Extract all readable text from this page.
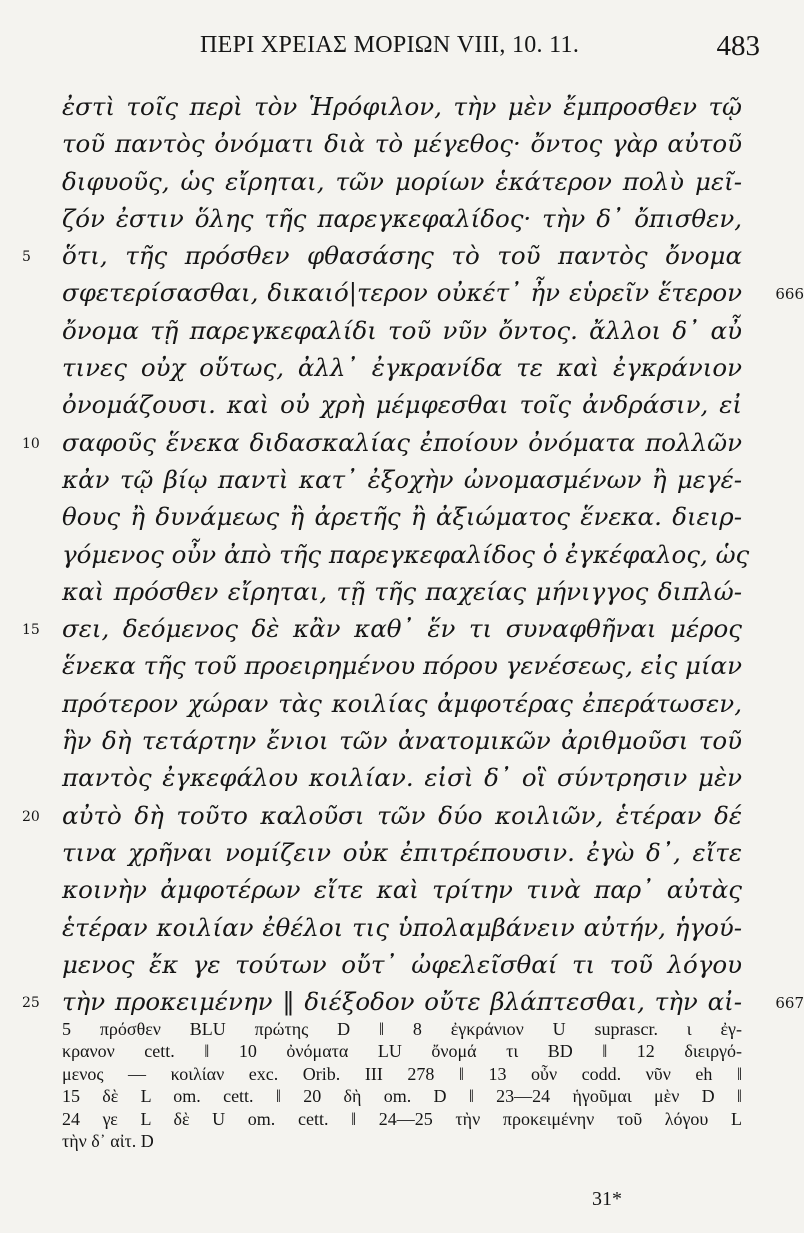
ΠΕΡΙ ΧΡΕΙΑΣ ΜΟΡΙΩΝ VIII, 10. 11.	483
ἐστὶ τοῖς περὶ τὸν Ἡρόφιλον, τὴν μὲν ἔμπροσθεν τῷ
τοῦ παντὸς ὀνόματι διὰ τὸ μέγεθος· ὄντος γὰρ αὐτοῦ
διφυοῦς, ὡς εἴρηται, τῶν μορίων ἑκάτερον πολὺ μεῖ-
ζόν ἐστιν ὅλης τῆς παρεγκεφαλίδος· τὴν δ᾽ ὄπισθεν,
ὅτι, τῆς πρόσθεν φθασάσης τὸ τοῦ παντὸς ὄνομα
5
σφετερίσασθαι, δικαιό|τερον οὐκέτ᾽ ἦν εὑρεῖν ἕτερον 666
ὄνομα τῇ παρεγκεφαλίδι τοῦ νῦν ὄντος. ἄλλοι δ᾽ αὖ
τινες οὐχ οὕτως, ἀλλ᾽ ἐγκρανίδα τε καὶ ἐγκράνιον
ὀνομάζουσι. καὶ οὐ χρὴ μέμφεσθαι τοῖς ἀνδράσιν, εἰ
σαφοῦς ἕνεκα διδασκαλίας ἐποίουν ὀνόματα πολλῶν
10
κἀν τῷ βίῳ παντὶ κατ᾽ ἐξοχὴν ὠνομασμένων ἢ μεγέ-
θους ἢ δυνάμεως ἢ ἀρετῆς ἢ ἀξιώματος ἕνεκα. διειρ-
γόμενος οὖν ἀπὸ τῆς παρεγκεφαλίδος ὁ ἐγκέφαλος, ὡς
καὶ πρόσθεν εἴρηται, τῇ τῆς παχείας μήνιγγος διπλώ-
σει, δεόμενος δὲ κἂν καθ᾽ ἕν τι συναφθῆναι μέρος
15
ἕνεκα τῆς τοῦ προειρημένου πόρου γενέσεως, εἰς μίαν
πρότερον χώραν τὰς κοιλίας ἀμφοτέρας ἐπεράτωσεν,
ἣν δὴ τετάρτην ἔνιοι τῶν ἀνατομικῶν ἀριθμοῦσι τοῦ
παντὸς ἐγκεφάλου κοιλίαν. εἰσὶ δ᾽ οἳ σύντρησιν μὲν
αὐτὸ δὴ τοῦτο καλοῦσι τῶν δύο κοιλιῶν, ἑτέραν δέ
20
τινα χρῆναι νομίζειν οὐκ ἐπιτρέπουσιν. ἐγὼ δ᾽, εἴτε
κοινὴν ἀμφοτέρων εἴτε καὶ τρίτην τινὰ παρ᾽ αὐτὰς
ἑτέραν κοιλίαν ἐθέλοι τις ὑπολαμβάνειν αὐτήν, ἡγού-
μενος ἔκ γε τούτων οὔτ᾽ ὠφελεῖσθαί τι τοῦ λόγου
τὴν προκειμένην ‖ διέξοδον οὔτε βλάπτεσθαι, τὴν αἰ-
25	667
5 πρόσθεν BLU πρώτης D ‖ 8 ἐγκράνιον U suprascr. ι ἐγ-
κρανον cett. ‖ 10 ὀνόματα LU ὄνομά τι BD ‖ 12 διειργό-
μενος — κοιλίαν exc. Orib. III 278 ‖ 13 οὖν codd. νῦν eh ‖
15 δὲ L om. cett. ‖ 20 δὴ om. D ‖ 23—24 ἡγοῦμαι μὲν D ‖
24 γε L δὲ U om. cett. ‖ 24—25 τὴν προκειμένην τοῦ λόγου L
τὴν δ᾽ αἰτ. D
31*
